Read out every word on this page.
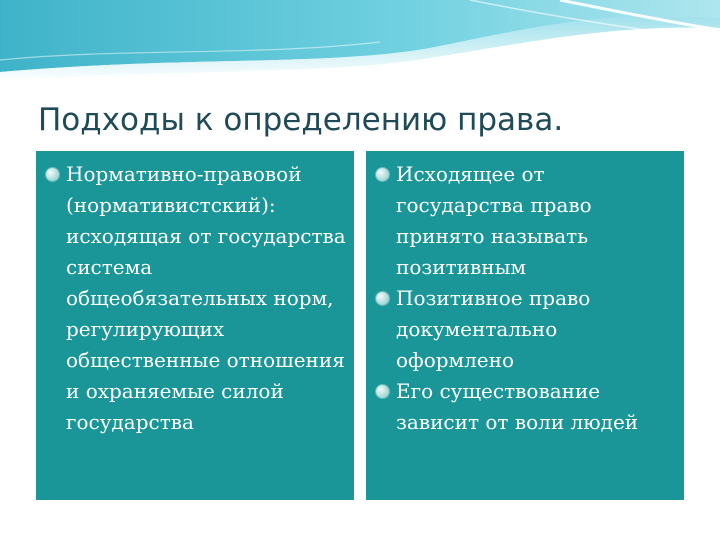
Подходы к определению права.
Нормативно-правовой (нормативистский): исходящая от государства система общеобязательных норм, регулирующих общественные отношения и охраняемые силой государства
Исходящее от государства право принято называть позитивным
Позитивное право документально оформлено
Его существование зависит от воли людей
